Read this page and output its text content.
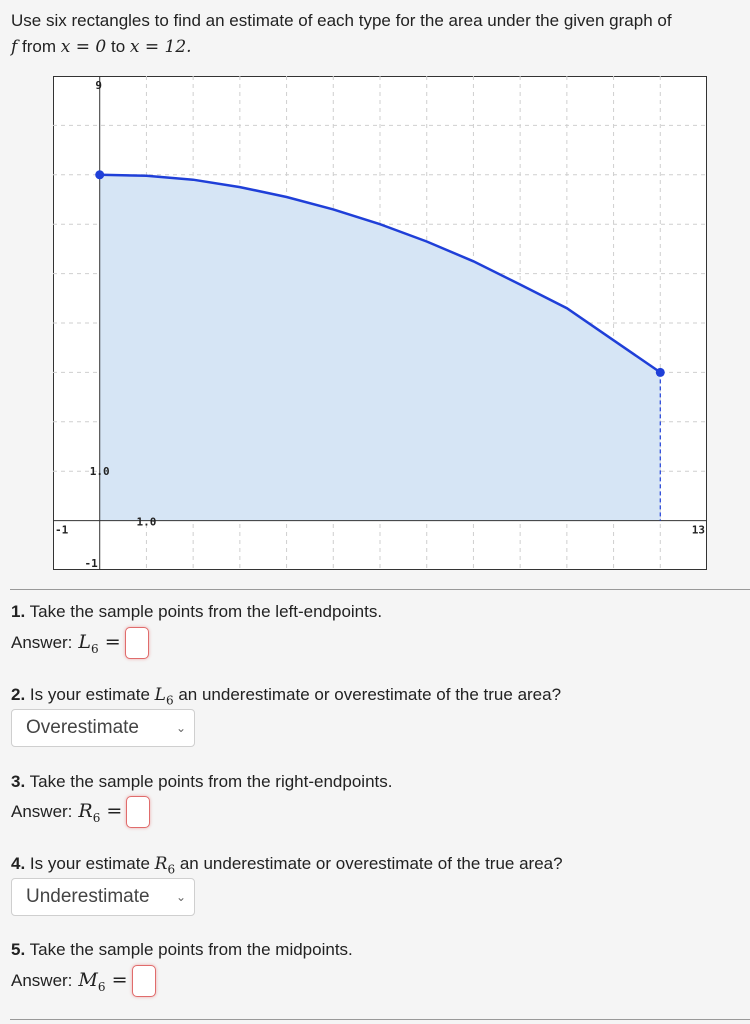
Use six rectangles to find an estimate of each type for the area under the given graph of
f from x = 0 to x = 12.
-1
1.0
13
9
1.0
-1
1. Take the sample points from the left-endpoints.
Answer: $L_6$ =
2. Is your estimate $L_6$ an underestimate or overestimate of the true area?
Overestimate	⌄
3. Take the sample points from the right-endpoints.
Answer: $R_6$ =
4. Is your estimate $R_6$ an underestimate or overestimate of the true area?
Underestimate ⌄
5. Take the sample points from the midpoints.
Answer: $M_6$ =
